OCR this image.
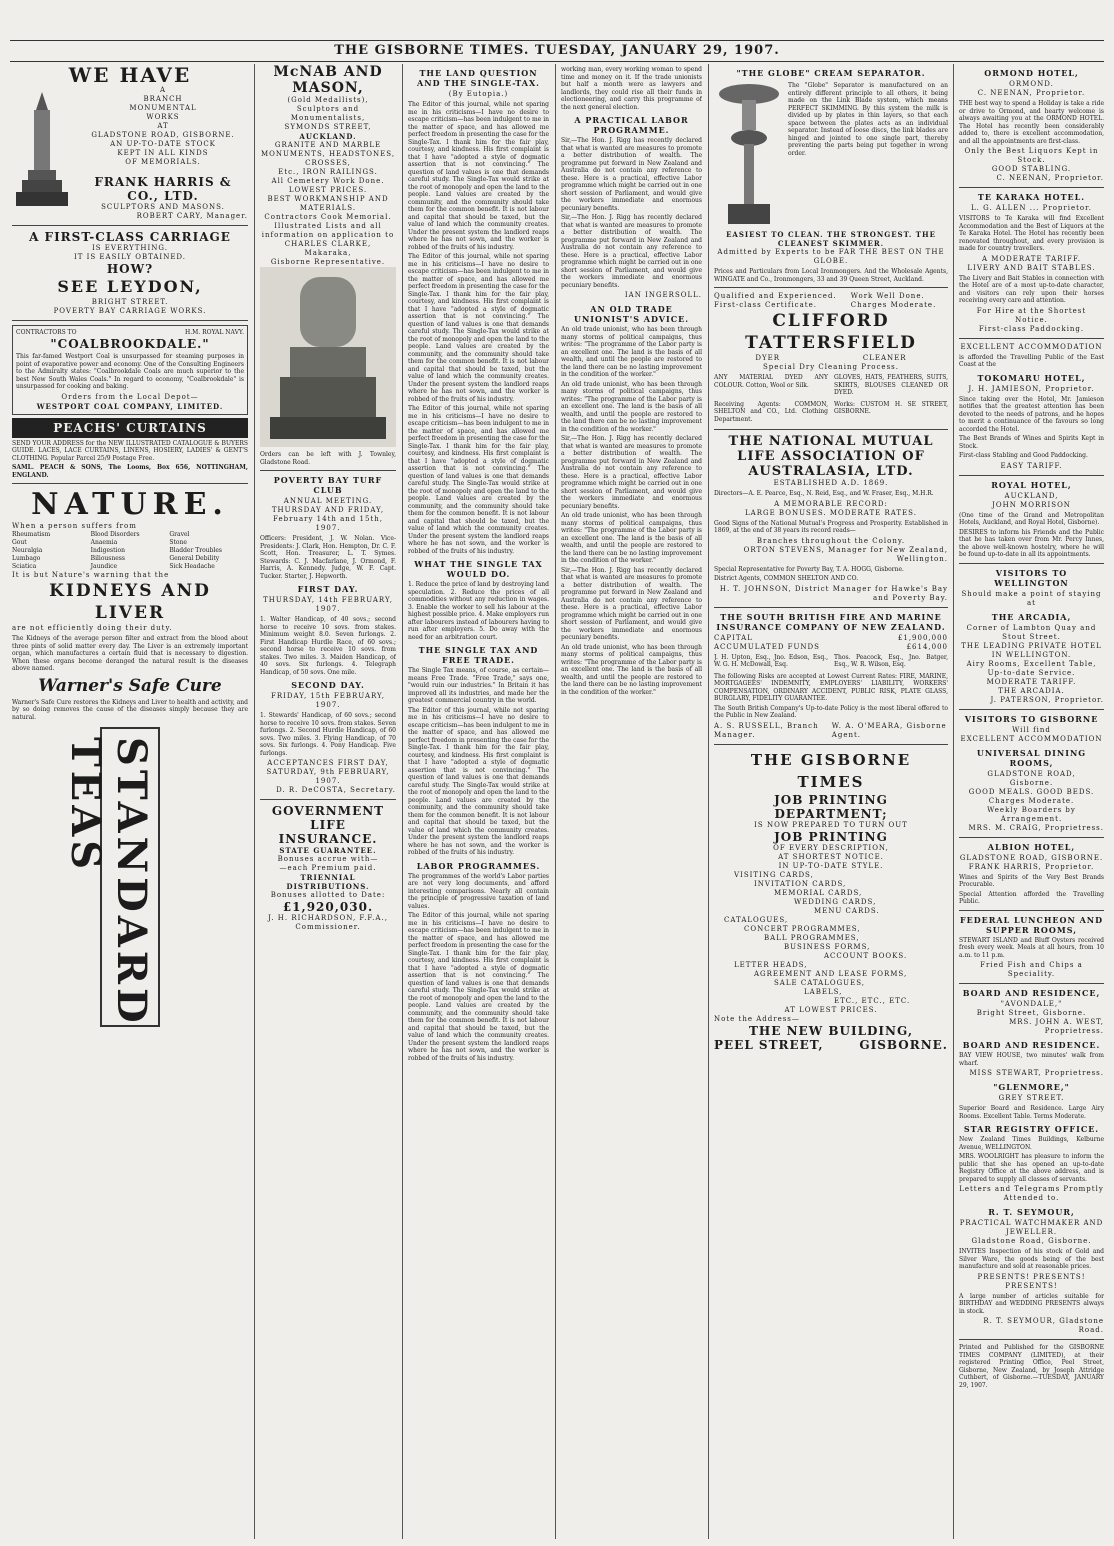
THE GISBORNE TIMES. TUESDAY, JANUARY 29, 1907.
WE HAVE
A
BRANCH
MONUMENTAL
WORKS
AT
GLADSTONE ROAD, GISBORNE.
AN UP-TO-DATE STOCK
KEPT IN ALL KINDS
OF MEMORIALS.
FRANK HARRIS & CO., LTD.
SCULPTORS AND MASONS.
ROBERT CARY, Manager.
A FIRST-CLASS CARRIAGE
IS EVERYTHING.
IT IS EASILY OBTAINED.
HOW?
SEE LEYDON,
BRIGHT STREET.
POVERTY BAY CARRIAGE WORKS.
CONTRACTORS TO	H.M. ROYAL NAVY.
"COALBROOKDALE."
This far-famed Westport Coal is unsurpassed for steaming purposes in point of evaporative power and economy. One of the Consulting Engineers to the Admiralty states: "Coalbrookdale Coals are much superior to the best New South Wales Coals." In regard to economy, "Coalbrookdale" is unsurpassed for cooking and baking.
Orders from the Local Depot—
WESTPORT COAL COMPANY, LIMITED.
PEACHS' CURTAINS
SEND YOUR ADDRESS for the NEW ILLUSTRATED CATALOGUE & BUYERS GUIDE. LACES, LACE CURTAINS, LINENS, HOSIERY, LADIES' & GENT'S CLOTHING. Popular Parcel 25/9 Postage Free.
SAML. PEACH & SONS, The Looms, Box 656, NOTTINGHAM, ENGLAND.
NATURE.
When a person suffers from
Rheumatism	Blood Disorders	Gravel
Gout	Anaemia	Stone
Neuralgia	Indigestion	Bladder Troubles
Lumbago	Biliousness	General Debility
Sciatica	Jaundice	Sick Headache
It is but Nature's warning that the
KIDNEYS AND LIVER
are not efficiently doing their duty.
The Kidneys of the average person filter and extract from the blood about three pints of solid matter every day. The Liver is an extremely important organ, which manufactures a certain fluid that is necessary to digestion. When these organs become deranged the natural result is the diseases above named.
Warner's Safe Cure
Warner's Safe Cure restores the Kidneys and Liver to health and activity, and by so doing removes the cause of the diseases simply because they are natural.
STANDARD TEAS
McNAB AND MASON,
(Gold Medallists),
Sculptors and Monumentalists,
SYMONDS STREET,
AUCKLAND.
GRANITE AND MARBLE MONUMENTS, HEADSTONES, CROSSES,
Etc., IRON RAILINGS.
All Cemetery Work Done.
LOWEST PRICES.
BEST WORKMANSHIP AND MATERIALS.
Contractors Cook Memorial.
Illustrated Lists and all information on application to
CHARLES CLARKE, Makaraka,
Gisborne Representative.
Orders can be left with J. Townley, Gladstone Road.
POVERTY BAY TURF CLUB
ANNUAL MEETING.
THURSDAY AND FRIDAY, February 14th and 15th, 1907.
Officers: President, J. W. Nolan. Vice-Presidents: J. Clark, Hon. Hempton, Dr. C. F. Scott, Hon. Treasurer, L. T. Symes. Stewards: C. J. Macfarlane, J. Ormond, F. Harris, A. Kennedy. Judge, W. F. Capt. Tucker. Starter, J. Hepworth.
FIRST DAY.
THURSDAY, 14th FEBRUARY, 1907.
1. Walter Handicap, of 40 sovs.; second horse to receive 10 sovs. from stakes. Minimum weight 8.0. Seven furlongs. 2. First Handicap Hurdle Race, of 60 sovs.; second horse to receive 10 sovs. from stakes. Two miles. 3. Maiden Handicap, of 40 sovs. Six furlongs. 4. Telegraph Handicap, of 50 sovs. One mile.
SECOND DAY.
FRIDAY, 15th FEBRUARY, 1907.
1. Stewards' Handicap, of 60 sovs.; second horse to receive 10 sovs. from stakes. Seven furlongs. 2. Second Hurdle Handicap, of 60 sovs. Two miles. 3. Flying Handicap, of 70 sovs. Six furlongs. 4. Pony Handicap. Five furlongs.
ACCEPTANCES FIRST DAY, SATURDAY, 9th FEBRUARY, 1907.
D. R. DeCOSTA, Secretary.
GOVERNMENT LIFE INSURANCE.
STATE GUARANTEE.
Bonuses accrue with—
—each Premium paid.
TRIENNIAL DISTRIBUTIONS.
Bonuses allotted to Date:
£1,920,030.
J. H. RICHARDSON, F.F.A., Commissioner.
THE LAND QUESTION AND THE SINGLE-TAX.
(By Eutopia.)
The Editor of this journal, while not sparing me in his criticisms—I have no desire to escape criticism—has been indulgent to me in the matter of space, and has allowed me perfect freedom in presenting the case for the Single-Tax. I thank him for the fair play, courtesy, and kindness. His first complaint is that I have "adopted a style of dogmatic assertion that is not convincing." The question of land values is one that demands careful study. The Single-Tax would strike at the root of monopoly and open the land to the people. Land values are created by the community, and the community should take them for the common benefit. It is not labour and capital that should be taxed, but the value of land which the community creates. Under the present system the landlord reaps where he has not sown, and the worker is robbed of the fruits of his industry.
The Editor of this journal, while not sparing me in his criticisms—I have no desire to escape criticism—has been indulgent to me in the matter of space, and has allowed me perfect freedom in presenting the case for the Single-Tax. I thank him for the fair play, courtesy, and kindness. His first complaint is that I have "adopted a style of dogmatic assertion that is not convincing." The question of land values is one that demands careful study. The Single-Tax would strike at the root of monopoly and open the land to the people. Land values are created by the community, and the community should take them for the common benefit. It is not labour and capital that should be taxed, but the value of land which the community creates. Under the present system the landlord reaps where he has not sown, and the worker is robbed of the fruits of his industry.
The Editor of this journal, while not sparing me in his criticisms—I have no desire to escape criticism—has been indulgent to me in the matter of space, and has allowed me perfect freedom in presenting the case for the Single-Tax. I thank him for the fair play, courtesy, and kindness. His first complaint is that I have "adopted a style of dogmatic assertion that is not convincing." The question of land values is one that demands careful study. The Single-Tax would strike at the root of monopoly and open the land to the people. Land values are created by the community, and the community should take them for the common benefit. It is not labour and capital that should be taxed, but the value of land which the community creates. Under the present system the landlord reaps where he has not sown, and the worker is robbed of the fruits of his industry.
WHAT THE SINGLE TAX WOULD DO.
1. Reduce the price of land by destroying land speculation. 2. Reduce the prices of all commodities without any reduction in wages. 3. Enable the worker to sell his labour at the highest possible price. 4. Make employers run after labourers instead of labourers having to run after employers. 5. Do away with the need for an arbitration court.
THE SINGLE TAX AND FREE TRADE.
The Single Tax means, of course, as certain—means Free Trade. "Free Trade," says one, "would ruin our industries." In Britain it has improved all its industries, and made her the greatest commercial country in the world.
The Editor of this journal, while not sparing me in his criticisms—I have no desire to escape criticism—has been indulgent to me in the matter of space, and has allowed me perfect freedom in presenting the case for the Single-Tax. I thank him for the fair play, courtesy, and kindness. His first complaint is that I have "adopted a style of dogmatic assertion that is not convincing." The question of land values is one that demands careful study. The Single-Tax would strike at the root of monopoly and open the land to the people. Land values are created by the community, and the community should take them for the common benefit. It is not labour and capital that should be taxed, but the value of land which the community creates. Under the present system the landlord reaps where he has not sown, and the worker is robbed of the fruits of his industry.
LABOR PROGRAMMES.
The programmes of the world's Labor parties are not very long documents, and afford interesting comparisons. Nearly all contain the principle of progressive taxation of land values.
The Editor of this journal, while not sparing me in his criticisms—I have no desire to escape criticism—has been indulgent to me in the matter of space, and has allowed me perfect freedom in presenting the case for the Single-Tax. I thank him for the fair play, courtesy, and kindness. His first complaint is that I have "adopted a style of dogmatic assertion that is not convincing." The question of land values is one that demands careful study. The Single-Tax would strike at the root of monopoly and open the land to the people. Land values are created by the community, and the community should take them for the common benefit. It is not labour and capital that should be taxed, but the value of land which the community creates. Under the present system the landlord reaps where he has not sown, and the worker is robbed of the fruits of his industry.
working man, every working woman to spend time and money on it. If the trade unionists but half a month were as lawyers and landlords, they could rise all their funds in electioneering, and carry this programme of the next general election.
A PRACTICAL LABOR PROGRAMME.
Sir,—The Hon. J. Rigg has recently declared that what is wanted are measures to promote a better distribution of wealth. The programme put forward in New Zealand and Australia do not contain any reference to these. Here is a practical, effective Labor programme which might be carried out in one short session of Parliament, and would give the workers immediate and enormous pecuniary benefits.
Sir,—The Hon. J. Rigg has recently declared that what is wanted are measures to promote a better distribution of wealth. The programme put forward in New Zealand and Australia do not contain any reference to these. Here is a practical, effective Labor programme which might be carried out in one short session of Parliament, and would give the workers immediate and enormous pecuniary benefits.
IAN INGERSOLL.
AN OLD TRADE UNIONIST'S ADVICE.
An old trade unionist, who has been through many storms of political campaigns, thus writes: "The programme of the Labor party is an excellent one. The land is the basis of all wealth, and until the people are restored to the land there can be no lasting improvement in the condition of the worker."
An old trade unionist, who has been through many storms of political campaigns, thus writes: "The programme of the Labor party is an excellent one. The land is the basis of all wealth, and until the people are restored to the land there can be no lasting improvement in the condition of the worker."
Sir,—The Hon. J. Rigg has recently declared that what is wanted are measures to promote a better distribution of wealth. The programme put forward in New Zealand and Australia do not contain any reference to these. Here is a practical, effective Labor programme which might be carried out in one short session of Parliament, and would give the workers immediate and enormous pecuniary benefits.
An old trade unionist, who has been through many storms of political campaigns, thus writes: "The programme of the Labor party is an excellent one. The land is the basis of all wealth, and until the people are restored to the land there can be no lasting improvement in the condition of the worker."
Sir,—The Hon. J. Rigg has recently declared that what is wanted are measures to promote a better distribution of wealth. The programme put forward in New Zealand and Australia do not contain any reference to these. Here is a practical, effective Labor programme which might be carried out in one short session of Parliament, and would give the workers immediate and enormous pecuniary benefits.
An old trade unionist, who has been through many storms of political campaigns, thus writes: "The programme of the Labor party is an excellent one. The land is the basis of all wealth, and until the people are restored to the land there can be no lasting improvement in the condition of the worker."
"THE GLOBE" CREAM SEPARATOR.
The "Globe" Separator is manufactured on an entirely different principle to all others, it being made on the Link Blade system, which means PERFECT SKIMMING. By this system the milk is divided up by plates in thin layers, so that each space between the plates acts as an individual separator. Instead of loose discs, the link blades are hinged and jointed to one single part, thereby preventing the parts being put together in wrong order.
EASIEST TO CLEAN. THE STRONGEST. THE CLEANEST SKIMMER.
Admitted by Experts to be FAR THE BEST ON THE GLOBE.
Prices and Particulars from Local Ironmongers. And the Wholesale Agents, WINGATE and Co., Ironmongers, 33 and 39 Queen Street, Auckland.
Qualified and Experienced. First-class Certificate.
Work Well Done. Charges Moderate.
CLIFFORD TATTERSFIELD
DYER	CLEANER
Special Dry Cleaning Process.
ANY MATERIAL DYED ANY COLOUR. Cotton, Wool or Silk.
GLOVES, HATS, FEATHERS, SUITS, SKIRTS, BLOUSES CLEANED OR DYED.
Receiving Agents: COMMON, SHELTON and CO., Ltd. Clothing Department.
Works: CUSTOM H. SE STREET, GISBORNE.
THE NATIONAL MUTUAL LIFE ASSOCIATION OF AUSTRALASIA, LTD.
ESTABLISHED A.D. 1869.
Directors—A. E. Pearce, Esq., N. Reid, Esq., and W. Fraser, Esq., M.H.R.
A MEMORABLE RECORD:
LARGE BONUSES. MODERATE RATES.
Good Signs of the National Mutual's Progress and Prosperity. Established in 1869, at the end of 38 years its record reads—
Branches throughout the Colony.
ORTON STEVENS, Manager for New Zealand, Wellington.
Special Representative for Poverty Bay, T. A. HOGG, Gisborne.
District Agents, COMMON SHELTON AND CO.
H. T. JOHNSON, District Manager for Hawke's Bay and Poverty Bay.
THE SOUTH BRITISH FIRE AND MARINE INSURANCE COMPANY OF NEW ZEALAND.
CAPITAL	£1,900,000
ACCUMULATED FUNDS	£614,000
J. H. Upton, Esq., Jno. Edson, Esq., W. G. H. McDowall, Esq.
Thos. Peacock, Esq., Jno. Batger, Esq., W. R. Wilson, Esq.
The following Risks are accepted at Lowest Current Rates: FIRE, MARINE, MORTGAGEES' INDEMNITY, EMPLOYERS' LIABILITY, WORKERS' COMPENSATION, ORDINARY ACCIDENT, PUBLIC RISK, PLATE GLASS, BURGLARY, FIDELITY GUARANTEE.
The South British Company's Up-to-date Policy is the most liberal offered to the Public in New Zealand.
A. S. RUSSELL, Branch Manager.
W. A. O'MEARA, Gisborne Agent.
THE GISBORNE TIMES
JOB PRINTING
DEPARTMENT;
IS NOW PREPARED TO TURN OUT
JOB PRINTING
OF EVERY DESCRIPTION,
AT SHORTEST NOTICE.
IN UP-TO-DATE STYLE.
VISITING CARDS,
INVITATION CARDS,
MEMORIAL CARDS,
WEDDING CARDS,
MENU CARDS.
CATALOGUES,
CONCERT PROGRAMMES,
BALL PROGRAMMES,
BUSINESS FORMS,
ACCOUNT BOOKS.
LETTER HEADS,
AGREEMENT AND LEASE FORMS,
SALE CATALOGUES,
LABELS,
ETC., ETC., ETC.
AT LOWEST PRICES.
Note the Address—
THE NEW BUILDING,
PEEL STREET,	GISBORNE.
ORMOND HOTEL,
ORMOND.
C. NEENAN, Proprietor.
THE best way to spend a Holiday is take a ride or drive to Ormond, and hearty welcome is always awaiting you at the ORMOND HOTEL. The Hotel has recently been considerably added to, there is excellent accommodation, and all the appointments are first-class.
Only the Best Liquors Kept in Stock.
GOOD STABLING.
C. NEENAN, Proprietor.
TE KARAKA HOTEL.
L. G. ALLEN ... Proprietor.
VISITORS to Te Karaka will find Excellent Accommodation and the Best of Liquors at the Te Karaka Hotel. The Hotel has recently been renovated throughout, and every provision is made for country travellers.
A MODERATE TARIFF.
LIVERY AND BAIT STABLES.
The Livery and Bait Stables in connection with the Hotel are of a most up-to-date character, and visitors can rely upon their horses receiving every care and attention.
For Hire at the Shortest Notice.
First-class Paddocking.
EXCELLENT ACCOMMODATION
is afforded the Travelling Public of the East Coast at the
TOKOMARU HOTEL,
J. H. JAMIESON, Proprietor.
Since taking over the Hotel, Mr. Jamieson notifies that the greatest attention has been devoted to the needs of patrons, and he hopes to merit a continuance of the favours so long accorded the Hotel.
The Best Brands of Wines and Spirits Kept in Stock.
First-class Stabling and Good Paddocking.
EASY TARIFF.
ROYAL HOTEL,
AUCKLAND,
JOHN MORRISON
(One time of the Grand and Metropolitan Hotels, Auckland, and Royal Hotel, Gisborne).
DESIRES to inform his Friends and the Public that he has taken over from Mr. Percy Innes, the above well-known hostelry, where he will be found up-to-date in all its appointments.
VISITORS TO WELLINGTON
Should make a point of staying at
THE ARCADIA,
Corner of Lambton Quay and Stout Street.
THE LEADING PRIVATE HOTEL IN WELLINGTON.
Airy Rooms, Excellent Table, Up-to-date Service.
MODERATE TARIFF.
THE ARCADIA.
J. PATERSON, Proprietor.
VISITORS TO GISBORNE
Will find
EXCELLENT ACCOMMODATION
UNIVERSAL DINING ROOMS,
GLADSTONE ROAD,
Gisborne.
GOOD MEALS. GOOD BEDS.
Charges Moderate.
Weekly Boarders by Arrangement.
MRS. M. CRAIG, Proprietress.
ALBION HOTEL,
GLADSTONE ROAD, GISBORNE.
FRANK HARRIS, Proprietor.
Wines and Spirits of the Very Best Brands Procurable.
Special Attention afforded the Travelling Public.
FEDERAL LUNCHEON AND SUPPER ROOMS,
STEWART ISLAND and Bluff Oysters received fresh every week. Meals at all hours, from 10 a.m. to 11 p.m.
Fried Fish and Chips a Speciality.
BOARD AND RESIDENCE,
"AVONDALE,"
Bright Street, Gisborne.
MRS. JOHN A. WEST, Proprietress.
BOARD AND RESIDENCE.
BAY VIEW HOUSE, two minutes' walk from wharf.
MISS STEWART, Proprietress.
"GLENMORE,"
GREY STREET.
Superior Board and Residence. Large Airy Rooms. Excellent Table. Terms Moderate.
STAR REGISTRY OFFICE.
New Zealand Times Buildings, Kelburne Avenue, WELLINGTON.
MRS. WOOLRIGHT has pleasure to inform the public that she has opened an up-to-date Registry Office at the above address, and is prepared to supply all classes of servants.
Letters and Telegrams Promptly Attended to.
R. T. SEYMOUR,
PRACTICAL WATCHMAKER AND JEWELLER.
Gladstone Road, Gisborne.
INVITES Inspection of his stock of Gold and Silver Ware, the goods being of the best manufacture and sold at reasonable prices.
PRESENTS! PRESENTS! PRESENTS!
A large number of articles suitable for BIRTHDAY and WEDDING PRESENTS always in stock.
R. T. SEYMOUR, Gladstone Road.
Printed and Published for the GISBORNE TIMES COMPANY (LIMITED), at their registered Printing Office, Peel Street, Gisborne, New Zealand, by Joseph Attridge Cuthbert, of Gisborne.—TUESDAY, JANUARY 29, 1907.
